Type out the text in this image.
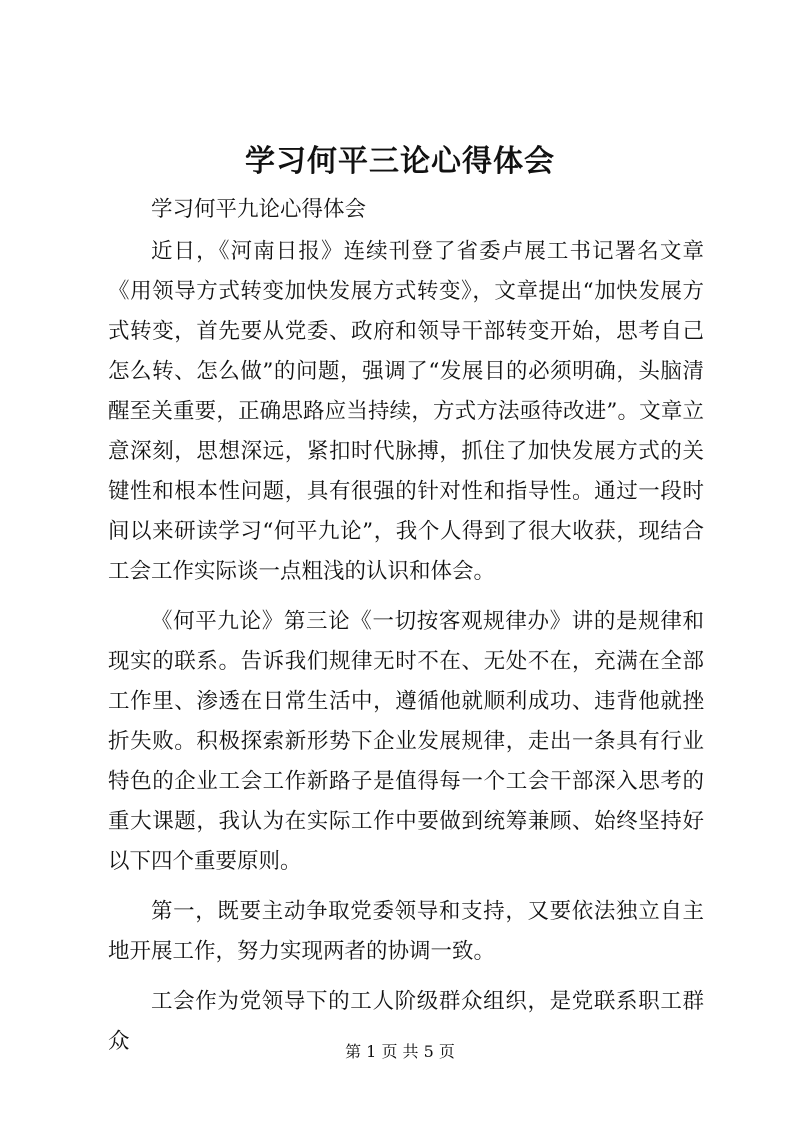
学习何平三论心得体会

学习何平九论心得体会

近日，《河南日报》连续刊登了省委卢展工书记署名文章《用领导方式转变加快发展方式转变》，文章提出“加快发展方式转变，首先要从党委、政府和领导干部转变开始，思考自己怎么转、怎么做”的问题，强调了“发展目的必须明确，头脑清醒至关重要，正确思路应当持续，方式方法亟待改进”。文章立意深刻，思想深远，紧扣时代脉搏，抓住了加快发展方式的关键性和根本性问题，具有很强的针对性和指导性。通过一段时间以来研读学习“何平九论”，我个人得到了很大收获，现结合工会工作实际谈一点粗浅的认识和体会。

《何平九论》第三论《一切按客观规律办》讲的是规律和现实的联系。告诉我们规律无时不在、无处不在，充满在全部工作里、渗透在日常生活中，遵循他就顺利成功、违背他就挫折失败。积极探索新形势下企业发展规律，走出一条具有行业特色的企业工会工作新路子是值得每一个工会干部深入思考的重大课题，我认为在实际工作中要做到统筹兼顾、始终坚持好以下四个重要原则。

第一，既要主动争取党委领导和支持，又要依法独立自主地开展工作，努力实现两者的协调一致。

工会作为党领导下的工人阶级群众组织，是党联系职工群众	第 1 页 共 5 页
